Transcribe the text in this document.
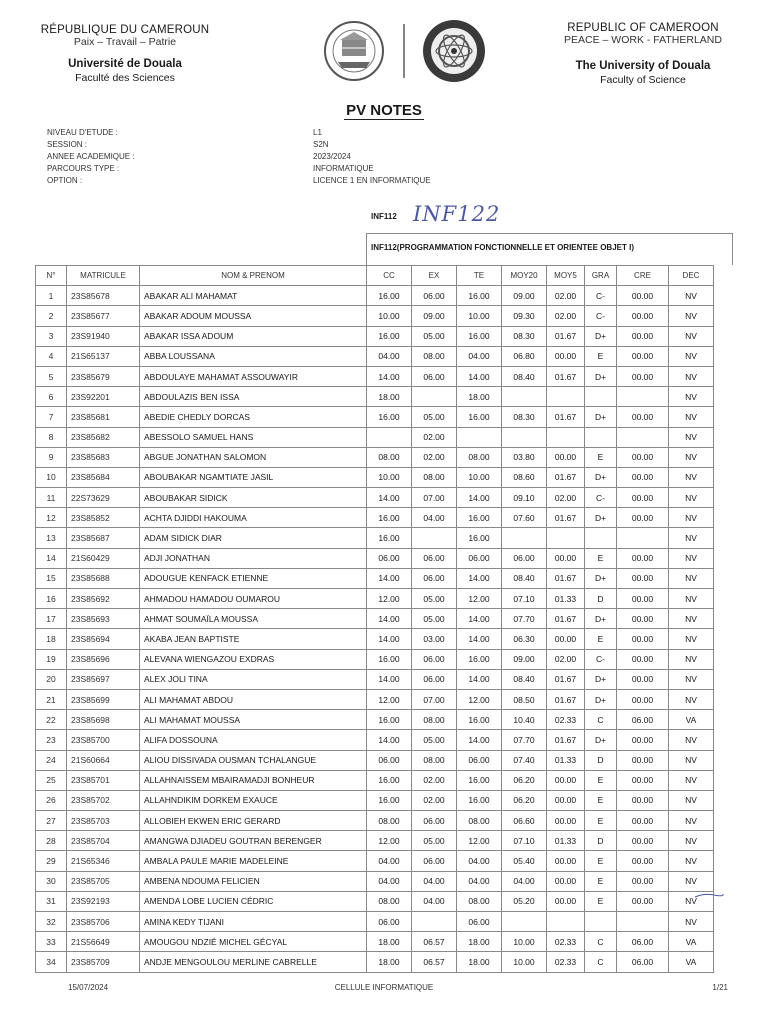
RÉPUBLIQUE DU CAMEROUN
Paix – Travail – Patrie
Université de Douala
Faculté des Sciences
REPUBLIC OF CAMEROON
PEACE – WORK - FATHERLAND
The University of Douala
Faculty of Science
PV NOTES
NIVEAU D'ETUDE :	L1
SESSION :	S2N
ANNEE ACADEMIQUE :	2023/2024
PARCOURS TYPE :	INFORMATIQUE
OPTION :	LICENCE 1 EN INFORMATIQUE
INF112 INF122
INF112(PROGRAMMATION FONCTIONNELLE ET ORIENTEE OBJET I)
N°	MATRICULE	NOM & PRENOM	CC	EX	TE	MOY20	MOY5	GRA	CRE	DEC
1	23S85678	ABAKAR ALI MAHAMAT	16.00	06.00	16.00	09.00	02.00	C-	00.00	NV
2	23S85677	ABAKAR ADOUM MOUSSA	10.00	09.00	10.00	09.30	02.00	C-	00.00	NV
3	23S91940	ABAKAR ISSA ADOUM	16.00	05.00	16.00	08.30	01.67	D+	00.00	NV
4	21S65137	ABBA LOUSSANA	04.00	08.00	04.00	06.80	00.00	E	00.00	NV
5	23S85679	ABDOULAYE MAHAMAT ASSOUWAYIR	14.00	06.00	14.00	08.40	01.67	D+	00.00	NV
6	23S92201	ABDOULAZIS BEN ISSA	18.00		18.00					NV
7	23S85681	ABEDIE CHEDLY DORCAS	16.00	05.00	16.00	08.30	01.67	D+	00.00	NV
8	23S85682	ABESSOLO SAMUEL HANS		02.00						NV
9	23S85683	ABGUE JONATHAN SALOMON	08.00	02.00	08.00	03.80	00.00	E	00.00	NV
10	23S85684	ABOUBAKAR NGAMTIATE JASIL	10.00	08.00	10.00	08.60	01.67	D+	00.00	NV
11	22S73629	ABOUBAKAR SIDICK	14.00	07.00	14.00	09.10	02.00	C-	00.00	NV
12	23S85852	ACHTA DJIDDI HAKOUMA	16.00	04.00	16.00	07.60	01.67	D+	00.00	NV
13	23S85687	ADAM SIDICK DIAR	16.00		16.00					NV
14	21S60429	ADJI JONATHAN	06.00	06.00	06.00	06.00	00.00	E	00.00	NV
15	23S85688	ADOUGUE KENFACK ETIENNE	14.00	06.00	14.00	08.40	01.67	D+	00.00	NV
16	23S85692	AHMADOU HAMADOU OUMAROU	12.00	05.00	12.00	07.10	01.33	D	00.00	NV
17	23S85693	AHMAT SOUMAÏLA MOUSSA	14.00	05.00	14.00	07.70	01.67	D+	00.00	NV
18	23S85694	AKABA JEAN BAPTISTE	14.00	03.00	14.00	06.30	00.00	E	00.00	NV
19	23S85696	ALEVANA WIENGAZOU EXDRAS	16.00	06.00	16.00	09.00	02.00	C-	00.00	NV
20	23S85697	ALEX JOLI TINA	14.00	06.00	14.00	08.40	01.67	D+	00.00	NV
21	23S85699	ALI MAHAMAT ABDOU	12.00	07.00	12.00	08.50	01.67	D+	00.00	NV
22	23S85698	ALI MAHAMAT MOUSSA	16.00	08.00	16.00	10.40	02.33	C	06.00	VA
23	23S85700	ALIFA DOSSOUNA	14.00	05.00	14.00	07.70	01.67	D+	00.00	NV
24	21S60664	ALIOU DISSIVADA OUSMAN TCHALANGUE	06.00	08.00	06.00	07.40	01.33	D	00.00	NV
25	23S85701	ALLAHNAISSEM MBAIRAMADJI BONHEUR	16.00	02.00	16.00	06.20	00.00	E	00.00	NV
26	23S85702	ALLAHNDIKIM DORKEM EXAUCE	16.00	02.00	16.00	06.20	00.00	E	00.00	NV
27	23S85703	ALLOBIEH EKWEN ERIC GERARD	08.00	06.00	08.00	06.60	00.00	E	00.00	NV
28	23S85704	AMANGWA DJIADEU GOUTRAN BERENGER	12.00	05.00	12.00	07.10	01.33	D	00.00	NV
29	21S65346	AMBALA PAULE MARIE MADELEINE	04.00	06.00	04.00	05.40	00.00	E	00.00	NV
30	23S85705	AMBENA NDOUMA FELICIEN	04.00	04.00	04.00	04.00	00.00	E	00.00	NV
31	23S92193	AMENDA LOBE LUCIEN CÉDRIC	08.00	04.00	08.00	05.20	00.00	E	00.00	NV
32	23S85706	AMINA KEDY TIJANI	06.00		06.00					NV
33	21S56649	AMOUGOU NDZIÉ MICHEL GÉCYAL	18.00	06.57	18.00	10.00	02.33	C	06.00	VA
34	23S85709	ANDJE MENGOULOU MERLINE CABRELLE	18.00	06.57	18.00	10.00	02.33	C	06.00	VA
15/07/2024	CELLULE INFORMATIQUE	1/21
